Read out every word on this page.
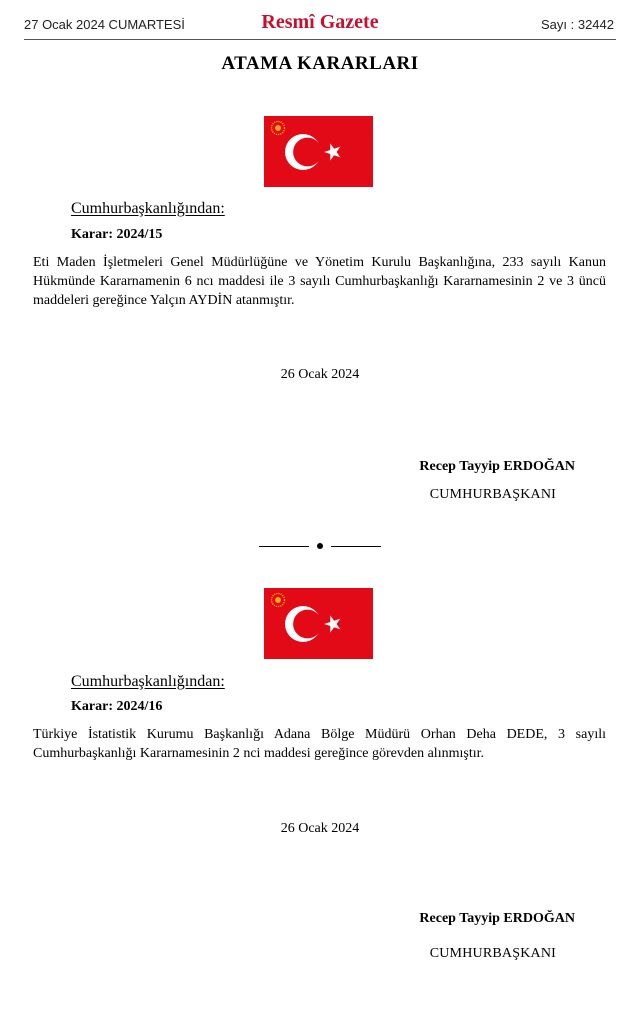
27 Ocak 2024 CUMARTESİ	Resmî Gazete	Sayı : 32442
ATAMA KARARLARI
Cumhurbaşkanlığından:
Karar: 2024/15
Eti Maden İşletmeleri Genel Müdürlüğüne ve Yönetim Kurulu Başkanlığına, 233 sayılı Kanun Hükmünde Kararnamenin 6 ncı maddesi ile 3 sayılı Cumhurbaşkanlığı Kararnamesinin 2 ve 3 üncü maddeleri gereğince Yalçın AYDİN atanmıştır.
26 Ocak 2024
Recep Tayyip ERDOĞAN
CUMHURBAŞKANI
Cumhurbaşkanlığından:
Karar: 2024/16
Türkiye İstatistik Kurumu Başkanlığı Adana Bölge Müdürü Orhan Deha DEDE, 3 sayılı Cumhurbaşkanlığı Kararnamesinin 2 nci maddesi gereğince görevden alınmıştır.
26 Ocak 2024
Recep Tayyip ERDOĞAN
CUMHURBAŞKANI
